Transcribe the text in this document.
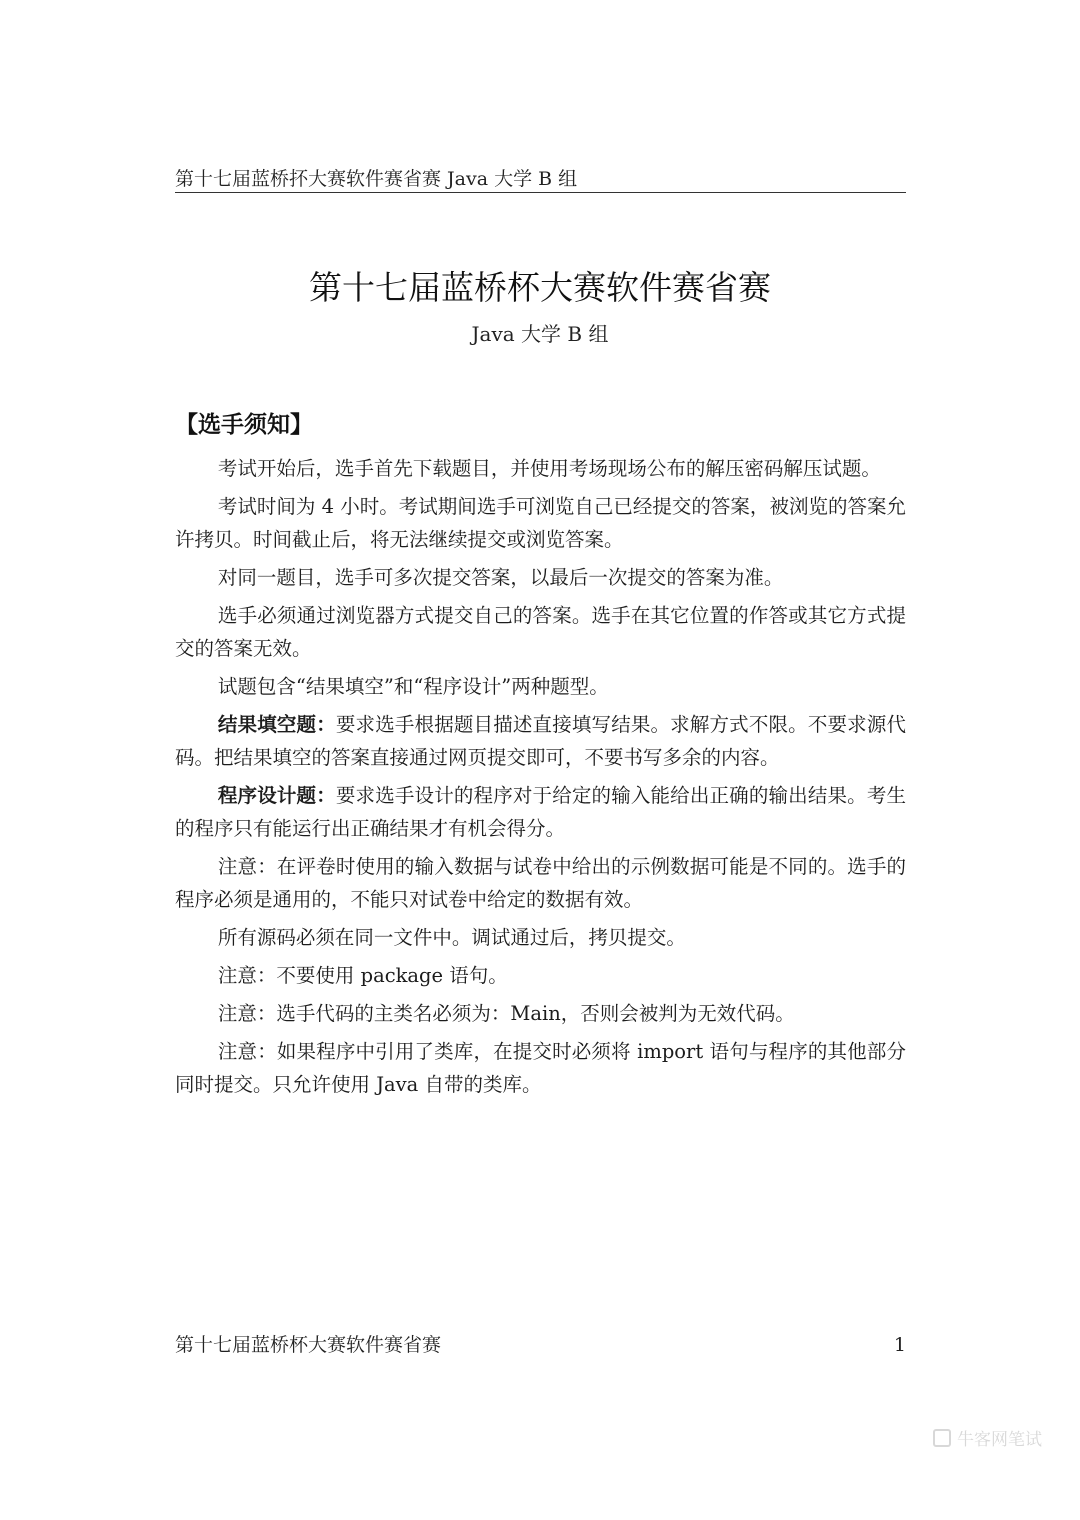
第十七届蓝桥抔大赛软件赛省赛 Java 大学 B 组
第十七届蓝桥杯大赛软件赛省赛
Java 大学 B 组
【选手须知】

考试开始后，选手首先下载题目，并使用考场现场公布的解压密码解压试题。

考试时间为 4 小时。考试期间选手可浏览自己已经提交的答案，被浏览的答案允许拷贝。时间截止后，将无法继续提交或浏览答案。

对同一题目，选手可多次提交答案，以最后一次提交的答案为准。

选手必须通过浏览器方式提交自己的答案。选手在其它位置的作答或其它方式提交的答案无效。

试题包含“结果填空”和“程序设计”两种题型。

结果填空题：要求选手根据题目描述直接填写结果。求解方式不限。不要求源代码。把结果填空的答案直接通过网页提交即可，不要书写多余的内容。

程序设计题：要求选手设计的程序对于给定的输入能给出正确的输出结果。考生的程序只有能运行出正确结果才有机会得分。

注意：在评卷时使用的输入数据与试卷中给出的示例数据可能是不同的。选手的程序必须是通用的，不能只对试卷中给定的数据有效。

所有源码必须在同一文件中。调试通过后，拷贝提交。

注意：不要使用 package 语句。

注意：选手代码的主类名必须为：Main，否则会被判为无效代码。

注意：如果程序中引用了类库，在提交时必须将 import 语句与程序的其他部分同时提交。只允许使用 Java 自带的类库。

第十七届蓝桥杯大赛软件赛省赛	1
牛客网笔试
